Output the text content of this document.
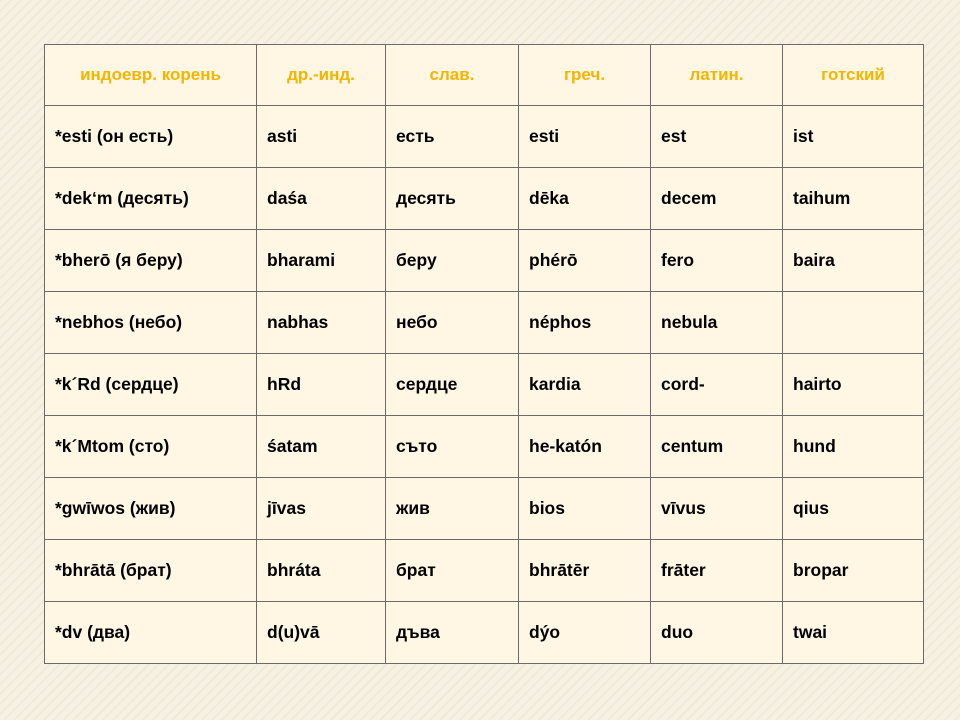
индоевр. корень	др.-инд.	слав.	греч.	латин.	готский
*esti (он есть)	asti	есть	esti	est	ist
*dek‘m (десять)	daśa	десять	dēka	decem	taihum
*bherō (я беру)	bharami	беру	phérō	fero	baira
*nebhos (небо)	nabhas	небо	néphos	nebula	
*k´Rd (сердце)	hRd	сердце	kardia	cord-	hairto
*k´Mtom (сто)	śatam	съто	he-katón	centum	hund
*gwīwos (жив)	jīvas	жив	bios	vīvus	qius
*bhrātā (брат)	bhráta	брат	bhrātēr	frāter	bropar
*dv (два)	d(u)vā	дъва	dýo	duo	twai
